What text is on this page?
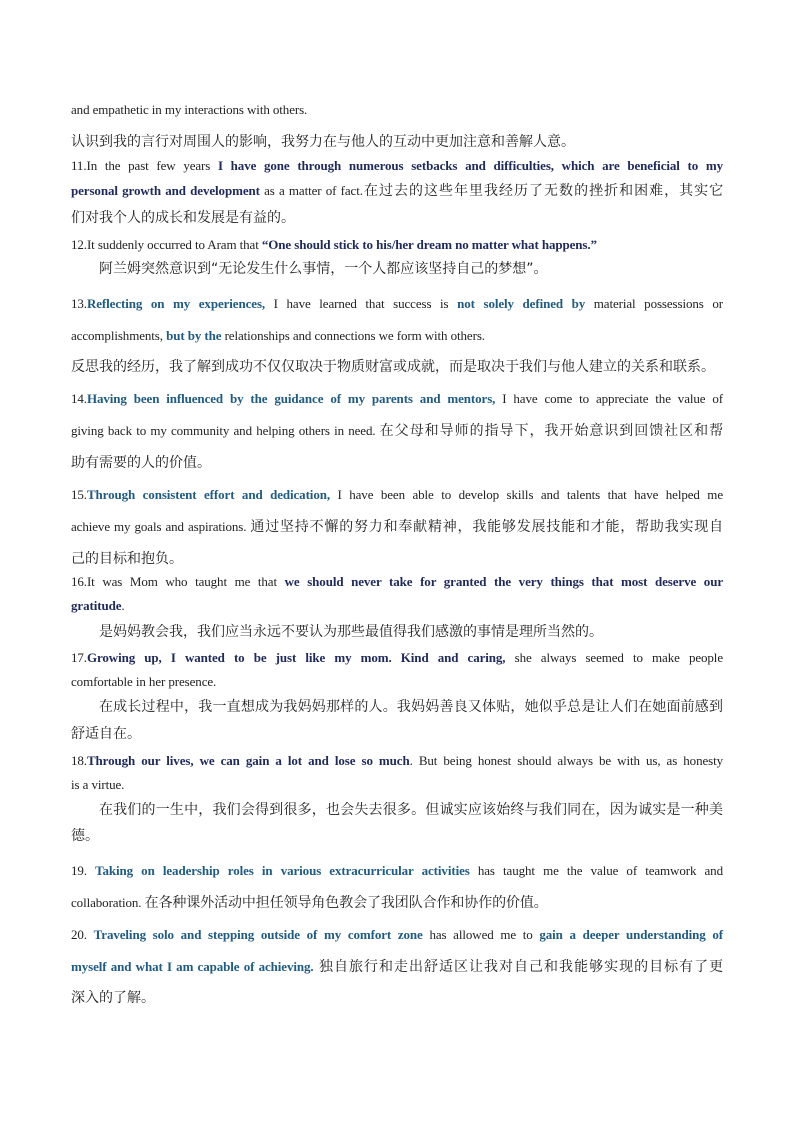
and empathetic in my interactions with others.
认识到我的言行对周围人的影响，我努力在与他人的互动中更加注意和善解人意。
11.In the past few years I have gone through numerous setbacks and difficulties, which are beneficial to my
personal growth and development as a matter of fact.在过去的这些年里我经历了无数的挫折和困难，其实它
们对我个人的成长和发展是有益的。
12.It suddenly occurred to Aram that “One should stick to his/her dream no matter what happens.”
阿兰姆突然意识到“无论发生什么事情，一个人都应该坚持自己的梦想”。
13.Reflecting on my experiences, I have learned that success is not solely defined by material possessions or
accomplishments, but by the relationships and connections we form with others.
反思我的经历，我了解到成功不仅仅取决于物质财富或成就，而是取决于我们与他人建立的关系和联系。
14.Having been influenced by the guidance of my parents and mentors, I have come to appreciate the value of
giving back to my community and helping others in need. 在父母和导师的指导下，我开始意识到回馈社区和帮
助有需要的人的价值。
15.Through consistent effort and dedication, I have been able to develop skills and talents that have helped me
achieve my goals and aspirations. 通过坚持不懈的努力和奉献精神，我能够发展技能和才能，帮助我实现自
己的目标和抱负。
16.It was Mom who taught me that we should never take for granted the very things that most deserve our
gratitude.
是妈妈教会我，我们应当永远不要认为那些最值得我们感激的事情是理所当然的。
17.Growing up, I wanted to be just like my mom. Kind and caring, she always seemed to make people
comfortable in her presence.
在成长过程中，我一直想成为我妈妈那样的人。我妈妈善良又体贴，她似乎总是让人们在她面前感到
舒适自在。
18.Through our lives, we can gain a lot and lose so much. But being honest should always be with us, as honesty
is a virtue.
在我们的一生中，我们会得到很多，也会失去很多。但诚实应该始终与我们同在，因为诚实是一种美
德。
19. Taking on leadership roles in various extracurricular activities has taught me the value of teamwork and
collaboration. 在各种课外活动中担任领导角色教会了我团队合作和协作的价值。
20. Traveling solo and stepping outside of my comfort zone has allowed me to gain a deeper understanding of
myself and what I am capable of achieving. 独自旅行和走出舒适区让我对自己和我能够实现的目标有了更
深入的了解。
